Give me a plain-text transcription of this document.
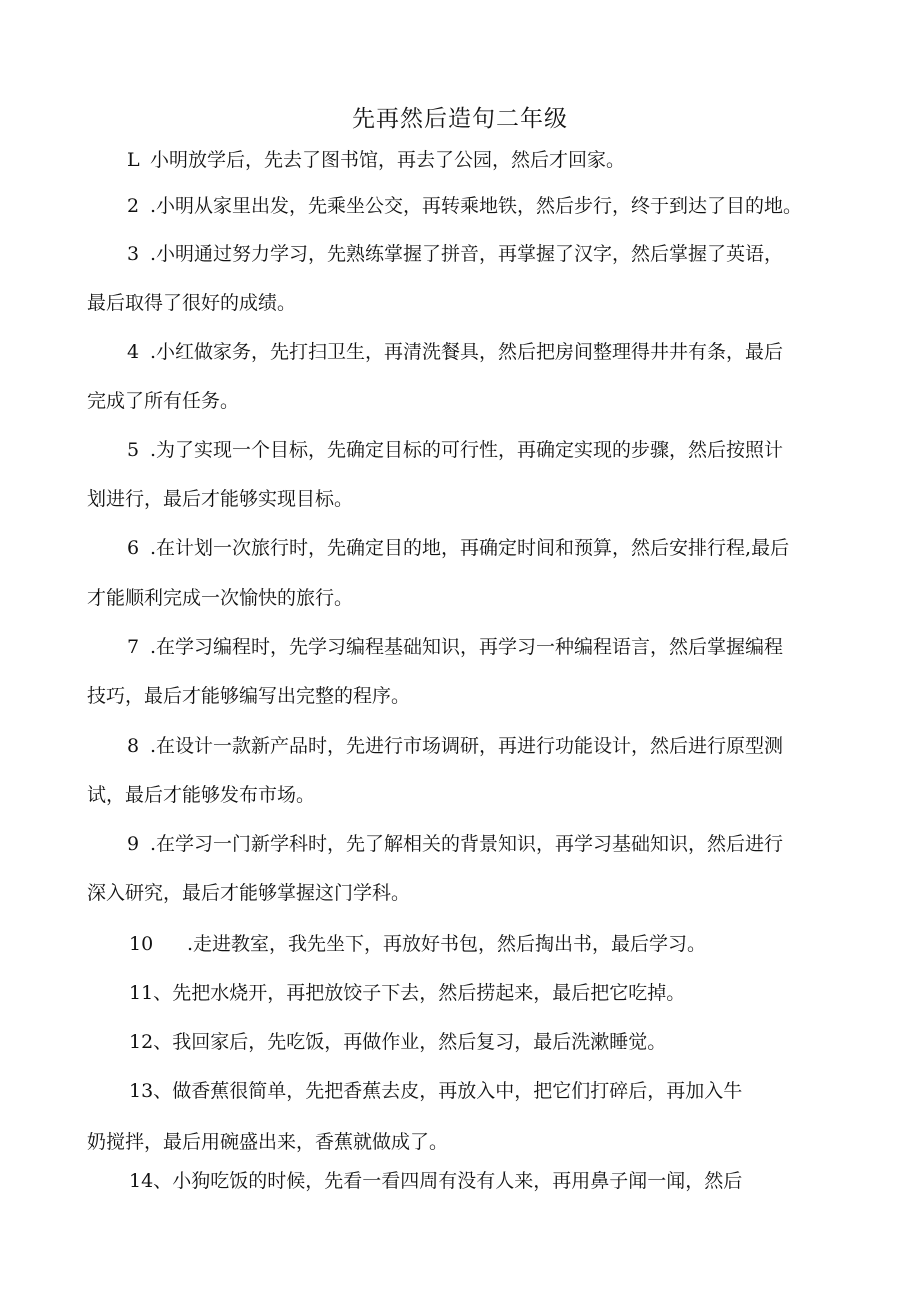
先再然后造句二年级
L 小明放学后，先去了图书馆，再去了公园，然后才回家。
2 .小明从家里出发，先乘坐公交，再转乘地铁，然后步行，终于到达了目的地。
3 .小明通过努力学习，先熟练掌握了拼音，再掌握了汉字，然后掌握了英语，
最后取得了很好的成绩。
4 .小红做家务，先打扫卫生，再清洗餐具，然后把房间整理得井井有条，最后
完成了所有任务。
5 .为了实现一个目标，先确定目标的可行性，再确定实现的步骤，然后按照计
划进行，最后才能够实现目标。
6 .在计划一次旅行时，先确定目的地，再确定时间和预算，然后安排行程,最后
才能顺利完成一次愉快的旅行。
7 .在学习编程时，先学习编程基础知识，再学习一种编程语言，然后掌握编程
技巧，最后才能够编写出完整的程序。
8 .在设计一款新产品时，先进行市场调研，再进行功能设计，然后进行原型测
试，最后才能够发布市场。
9 .在学习一门新学科时，先了解相关的背景知识，再学习基础知识，然后进行
深入研究，最后才能够掌握这门学科。
10 .走进教室，我先坐下，再放好书包，然后掏出书，最后学习。
11、先把水烧开，再把放饺子下去，然后捞起来，最后把它吃掉。
12、我回家后，先吃饭，再做作业，然后复习，最后洗漱睡觉。
13、做香蕉很简单，先把香蕉去皮，再放入中，把它们打碎后，再加入牛
奶搅拌，最后用碗盛出来，香蕉就做成了。
14、小狗吃饭的时候，先看一看四周有没有人来，再用鼻子闻一闻，然后
